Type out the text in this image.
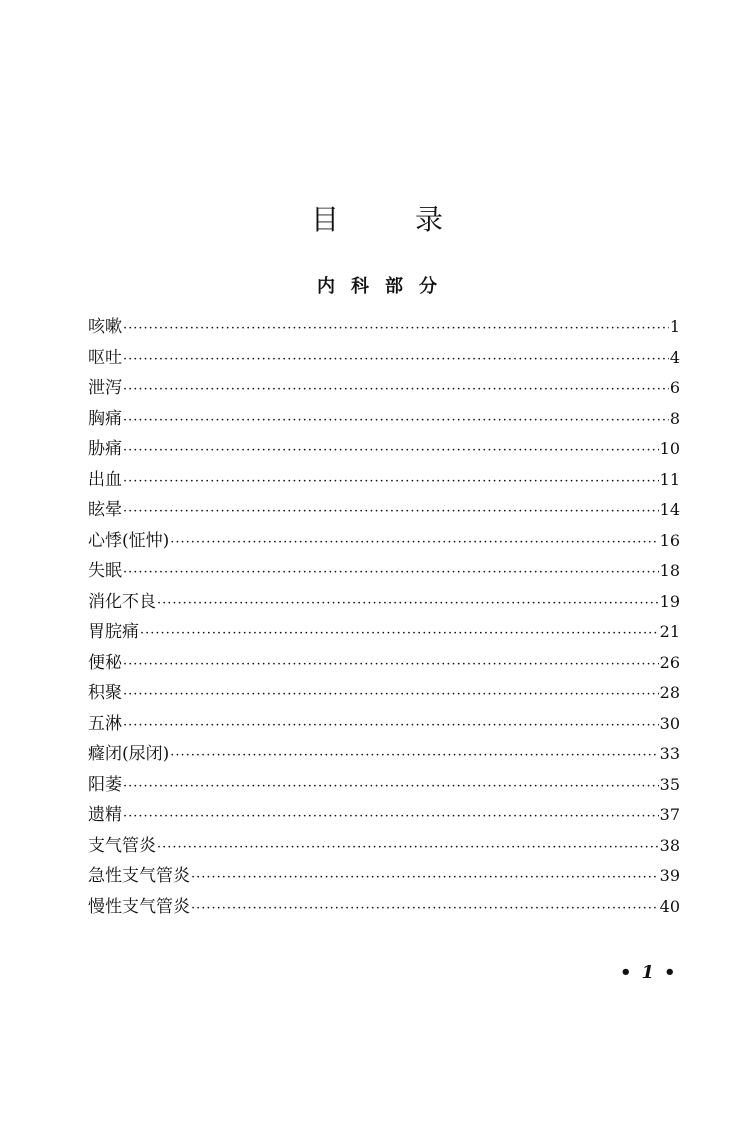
目	录
内 科 部 分
咳嗽 ·····	1
呕吐 ·····	4
泄泻 ·····	6
胸痛 ·····	8
胁痛 ·····	10
出血 ·····	11
眩晕 ·····	14
心悸(怔忡) ·····	16
失眠 ·····	18
消化不良 ·····	19
胃脘痛 ·····	21
便秘 ·····	26
积聚 ·····	28
五淋 ·····	30
癃闭(尿闭) ·····	33
阳萎 ·····	35
遗精 ·····	37
支气管炎 ·····	38
急性支气管炎 ·····	39
慢性支气管炎 ·····	40
• 1 •
